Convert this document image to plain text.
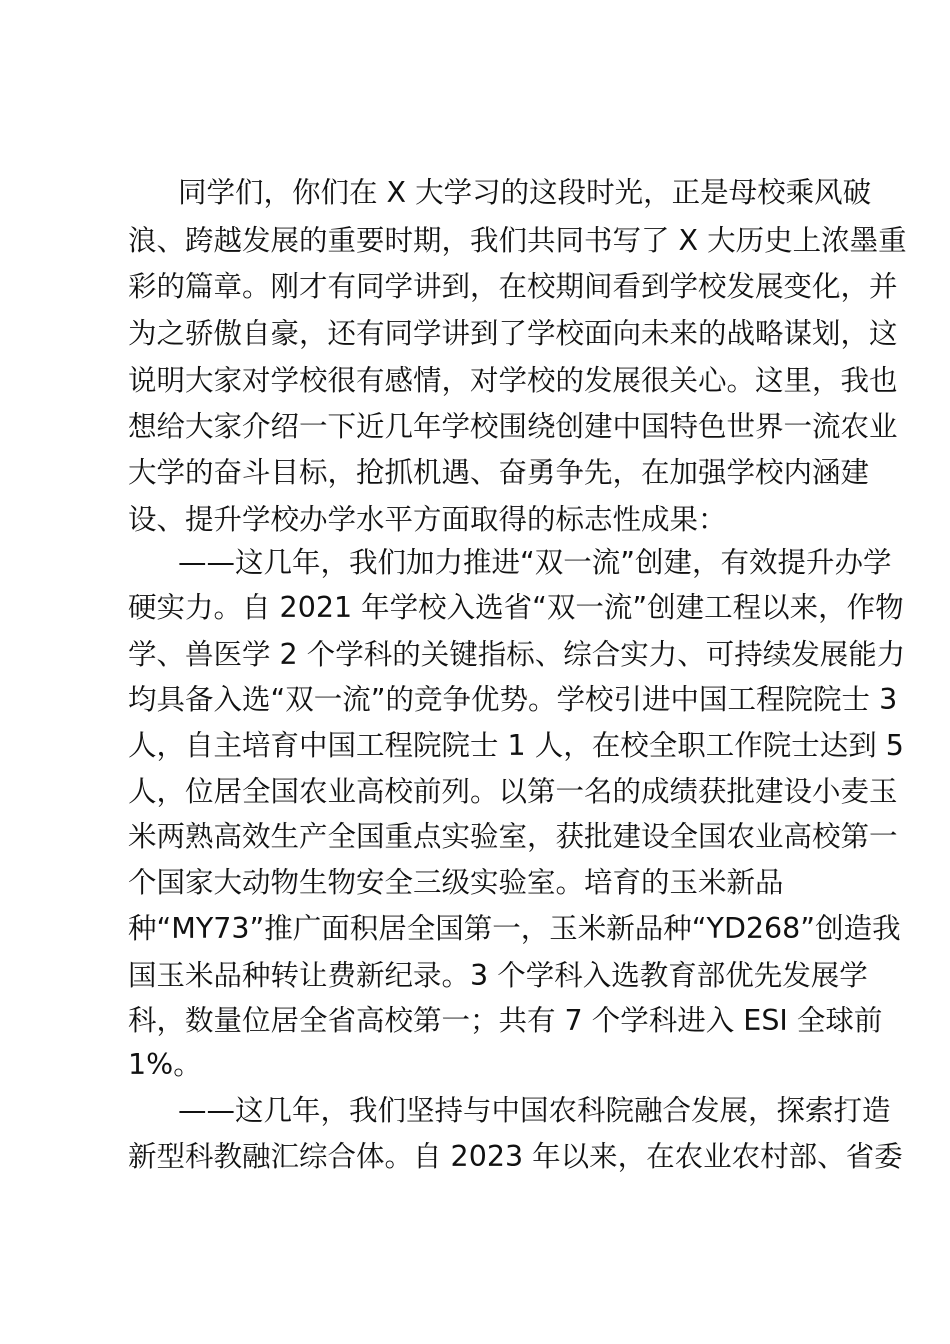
同学们，你们在 X 大学习的这段时光，正是母校乘风破
浪、跨越发展的重要时期，我们共同书写了 X 大历史上浓墨重
彩的篇章。刚才有同学讲到，在校期间看到学校发展变化，并
为之骄傲自豪，还有同学讲到了学校面向未来的战略谋划，这
说明大家对学校很有感情，对学校的发展很关心。这里，我也
想给大家介绍一下近几年学校围绕创建中国特色世界一流农业
大学的奋斗目标，抢抓机遇、奋勇争先，在加强学校内涵建
设、提升学校办学水平方面取得的标志性成果：
——这几年，我们加力推进“双一流”创建，有效提升办学
硬实力。自 2021 年学校入选省“双一流”创建工程以来，作物
学、兽医学 2 个学科的关键指标、综合实力、可持续发展能力
均具备入选“双一流”的竞争优势。学校引进中国工程院院士 3
人，自主培育中国工程院院士 1 人，在校全职工作院士达到 5
人，位居全国农业高校前列。以第一名的成绩获批建设小麦玉
米两熟高效生产全国重点实验室，获批建设全国农业高校第一
个国家大动物生物安全三级实验室。培育的玉米新品
种“MY73”推广面积居全国第一，玉米新品种“YD268”创造我
国玉米品种转让费新纪录。3 个学科入选教育部优先发展学
科，数量位居全省高校第一；共有 7 个学科进入 ESI 全球前
1%。
——这几年，我们坚持与中国农科院融合发展，探索打造
新型科教融汇综合体。自 2023 年以来，在农业农村部、省委
